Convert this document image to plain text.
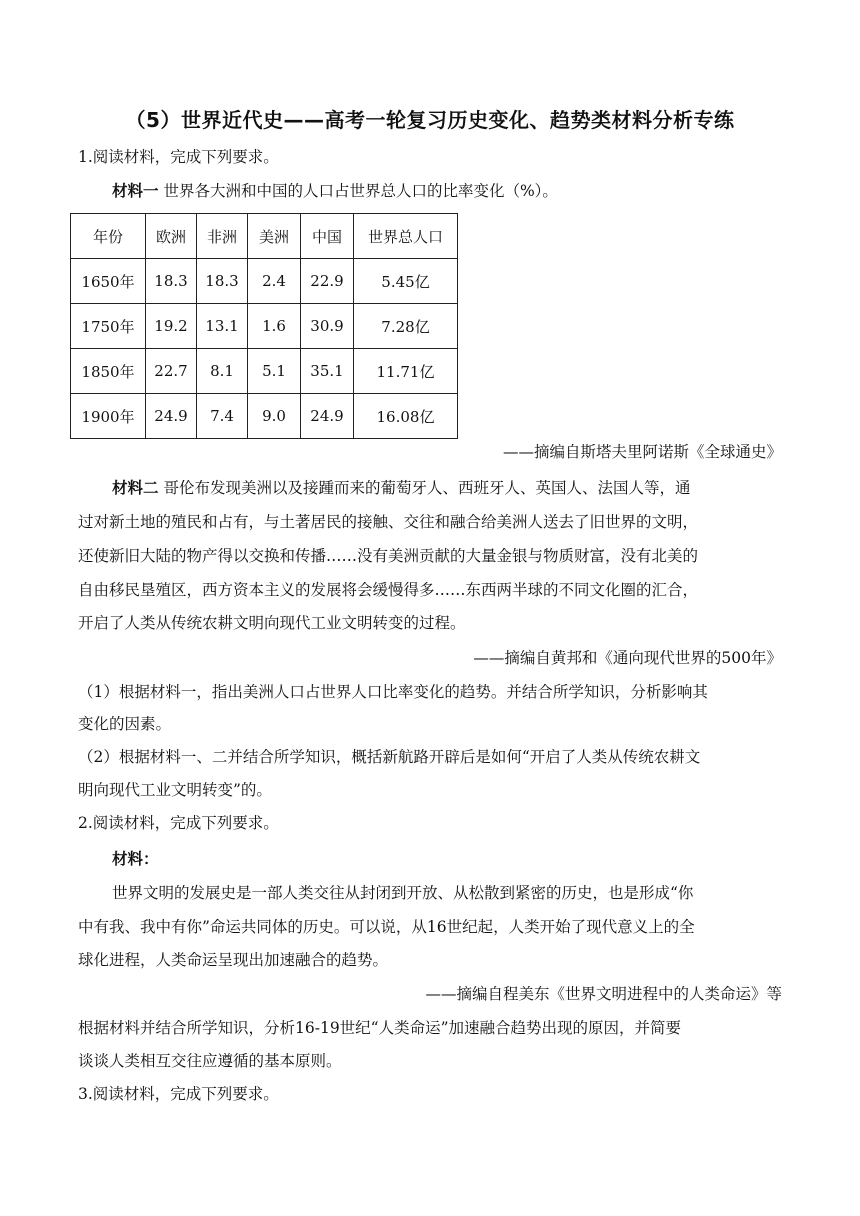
（5）世界近代史——高考一轮复习历史变化、趋势类材料分析专练
1.阅读材料，完成下列要求。
材料一 世界各大洲和中国的人口占世界总人口的比率变化（%）。
年份	欧洲	非洲	美洲	中国	世界总人口
1650年	18.3	18.3	2.4	22.9	5.45亿
1750年	19.2	13.1	1.6	30.9	7.28亿
1850年	22.7	8.1	5.1	35.1	11.71亿
1900年	24.9	7.4	9.0	24.9	16.08亿
——摘编自斯塔夫里阿诺斯《全球通史》
材料二 哥伦布发现美洲以及接踵而来的葡萄牙人、西班牙人、英国人、法国人等，通
过对新土地的殖民和占有，与土著居民的接触、交往和融合给美洲人送去了旧世界的文明，
还使新旧大陆的物产得以交换和传播……没有美洲贡献的大量金银与物质财富，没有北美的
自由移民垦殖区，西方资本主义的发展将会缓慢得多……东西两半球的不同文化圈的汇合，
开启了人类从传统农耕文明向现代工业文明转变的过程。
——摘编自黄邦和《通向现代世界的500年》
（1）根据材料一，指出美洲人口占世界人口比率变化的趋势。并结合所学知识，分析影响其
变化的因素。
（2）根据材料一、二并结合所学知识，概括新航路开辟后是如何“开启了人类从传统农耕文
明向现代工业文明转变”的。
2.阅读材料，完成下列要求。
材料：
世界文明的发展史是一部人类交往从封闭到开放、从松散到紧密的历史，也是形成“你
中有我、我中有你”命运共同体的历史。可以说，从16世纪起，人类开始了现代意义上的全
球化进程，人类命运呈现出加速融合的趋势。
——摘编自程美东《世界文明进程中的人类命运》等
根据材料并结合所学知识，分析16-19世纪“人类命运”加速融合趋势出现的原因，并简要
谈谈人类相互交往应遵循的基本原则。
3.阅读材料，完成下列要求。
